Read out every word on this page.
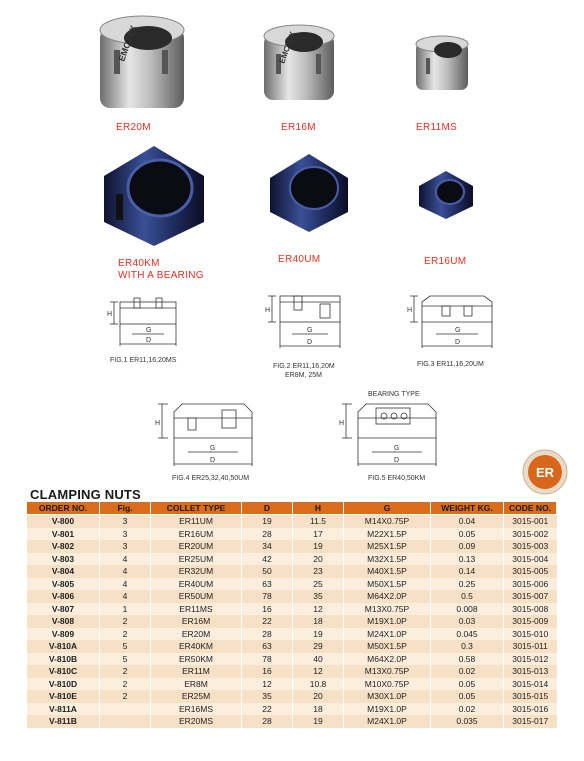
EMCTEX	EMCTEX
ER20M	ER16M	ER11MS
ER40KM
WITH A BEARING
ER40UM	ER16UM
H
G
D
FIG.1 ER11,16,20MS
H
G
D
FIG.2 ER11,16,20M
ER8M, 25M
H
G
D
FIG.3 ER11,16,20UM
H
G
D
FIG.4 ER25,32,40,50UM
BEARING TYPE
H
G
D
FIG.5 ER40,50KM	ER
CLAMPING NUTS
ORDER NO.	Fig.	COLLET TYPE	D	H	G	WEIGHT KG.	CODE NO.
V-800	3	ER11UM	19	11.5	M14X0.75P	0.04	3015-001
V-801	3	ER16UM	28	17	M22X1.5P	0.05	3015-002
V-802	3	ER20UM	34	19	M25X1.5P	0.09	3015-003
V-803	4	ER25UM	42	20	M32X1.5P	0.13	3015-004
V-804	4	ER32UM	50	23	M40X1.5P	0.14	3015-005
V-805	4	ER40UM	63	25	M50X1.5P	0.25	3015-006
V-806	4	ER50UM	78	35	M64X2.0P	0.5	3015-007
V-807	1	ER11MS	16	12	M13X0.75P	0.008	3015-008
V-808	2	ER16M	22	18	M19X1.0P	0.03	3015-009
V-809	2	ER20M	28	19	M24X1.0P	0.045	3015-010
V-810A	5	ER40KM	63	29	M50X1.5P	0.3	3015-011
V-810B	5	ER50KM	78	40	M64X2.0P	0.58	3015-012
V-810C	2	ER11M	16	12	M13X0.75P	0.02	3015-013
V-810D	2	ER8M	12	10.8	M10X0.75P	0.05	3015-014
V-810E	2	ER25M	35	20	M30X1.0P	0.05	3015-015
V-811A		ER16MS	22	18	M19X1.0P	0.02	3015-016
V-811B		ER20MS	28	19	M24X1.0P	0.035	3015-017
